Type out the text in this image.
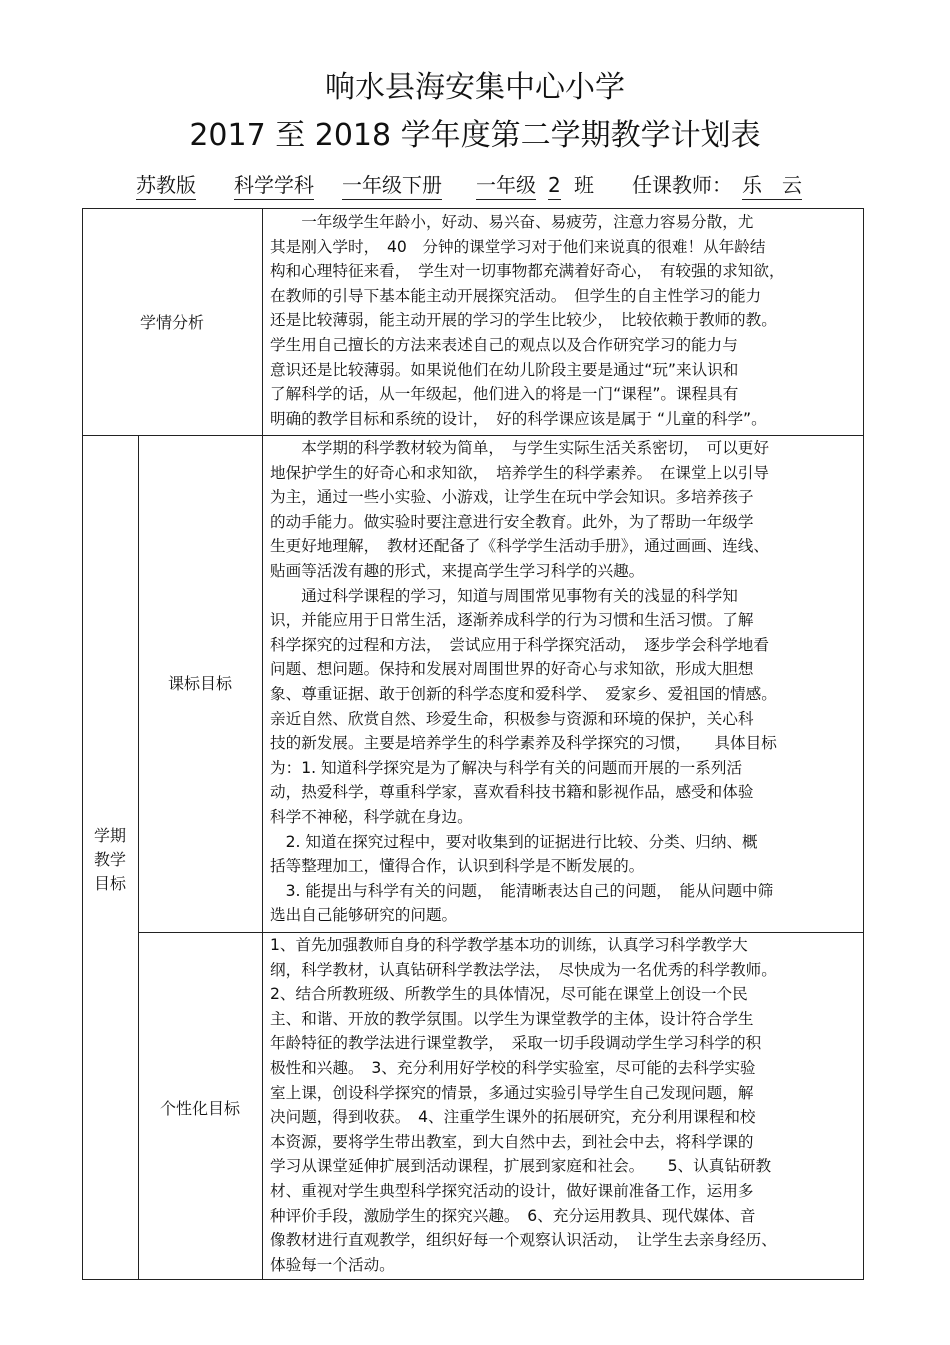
响水县海安集中心小学
2017 至 2018 学年度第二学期教学计划表
苏教版 科学学科 一年级下册 一年级 2 班 任课教师： 乐　云
学情分析
　　一年级学生年龄小，好动、易兴奋、易疲劳，注意力容易分散，尤
其是刚入学时，　40　分钟的课堂学习对于他们来说真的很难！从年龄结
构和心理特征来看，　学生对一切事物都充满着好奇心，　有较强的求知欲，
在教师的引导下基本能主动开展探究活动。　但学生的自主性学习的能力
还是比较薄弱，能主动开展的学习的学生比较少，　比较依赖于教师的教。
学生用自己擅长的方法来表述自己的观点以及合作研究学习的能力与
意识还是比较薄弱。如果说他们在幼儿阶段主要是通过“玩”来认识和
了解科学的话，从一年级起，他们进入的将是一门“课程”。课程具有
明确的教学目标和系统的设计，　好的科学课应该是属于 “儿童的科学”。
学期
教学
目标
课标目标
　　本学期的科学教材较为简单，　与学生实际生活关系密切，　可以更好
地保护学生的好奇心和求知欲，　培养学生的科学素养。　在课堂上以引导
为主，通过一些小实验、小游戏，让学生在玩中学会知识。多培养孩子
的动手能力。做实验时要注意进行安全教育。此外，为了帮助一年级学
生更好地理解，　教材还配备了《科学学生活动手册》，通过画画、连线、
贴画等活泼有趣的形式，来提高学生学习科学的兴趣。
　　通过科学课程的学习，知道与周围常见事物有关的浅显的科学知
识，并能应用于日常生活，逐渐养成科学的行为习惯和生活习惯。了解
科学探究的过程和方法，　尝试应用于科学探究活动，　逐步学会科学地看
问题、想问题。保持和发展对周围世界的好奇心与求知欲，形成大胆想
象、尊重证据、敢于创新的科学态度和爱科学、　爱家乡、爱祖国的情感。
亲近自然、欣赏自然、珍爱生命，积极参与资源和环境的保护，关心科
技的新发展。主要是培养学生的科学素养及科学探究的习惯，　　具体目标
为：1. 知道科学探究是为了解决与科学有关的问题而开展的一系列活
动，热爱科学，尊重科学家，喜欢看科技书籍和影视作品，感受和体验
科学不神秘，科学就在身边。
　2. 知道在探究过程中，要对收集到的证据进行比较、分类、归纳、概
括等整理加工，懂得合作，认识到科学是不断发展的。
　3. 能提出与科学有关的问题，　能清晰表达自己的问题，　能从问题中筛
选出自己能够研究的问题。
个性化目标
1、首先加强教师自身的科学教学基本功的训练，认真学习科学教学大
纲，科学教材，认真钻研科学教法学法，　尽快成为一名优秀的科学教师。
2、结合所教班级、所教学生的具体情况，尽可能在课堂上创设一个民
主、和谐、开放的教学氛围。以学生为课堂教学的主体，设计符合学生
年龄特征的教学法进行课堂教学，　采取一切手段调动学生学习科学的积
极性和兴趣。　3、充分利用好学校的科学实验室，尽可能的去科学实验
室上课，创设科学探究的情景，多通过实验引导学生自己发现问题，解
决问题，得到收获。　4、注重学生课外的拓展研究，充分利用课程和校
本资源，要将学生带出教室，到大自然中去，到社会中去，将科学课的
学习从课堂延伸扩展到活动课程，扩展到家庭和社会。　　5、认真钻研教
材、重视对学生典型科学探究活动的设计，做好课前准备工作，运用多
种评价手段，激励学生的探究兴趣。　6、充分运用教具、现代媒体、音
像教材进行直观教学，组织好每一个观察认识活动，　让学生去亲身经历、
体验每一个活动。
